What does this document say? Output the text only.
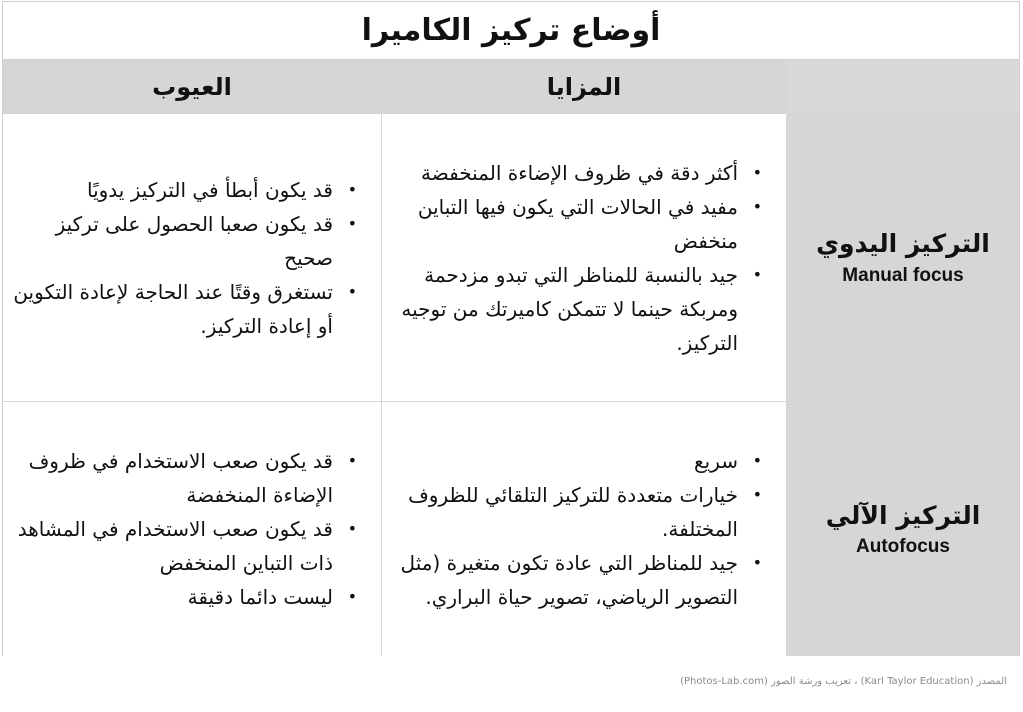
أوضاع تركيز الكاميرا
المزايا
العيوب
التركيز اليدوي
Manual focus
• أكثر دقة في ظروف الإضاءة المنخفضة
• مفيد في الحالات التي يكون فيها التباين منخفض
• جيد بالنسبة للمناظر التي تبدو مزدحمة ومربكة حينما لا تتمكن كاميرتك من توجيه التركيز.
• قد يكون أبطأ في التركيز يدويًا
• قد يكون صعبا الحصول على تركيز صحيح
• تستغرق وقتًا عند الحاجة لإعادة التكوين أو إعادة التركيز.
التركيز الآلي
Autofocus
• سريع
• خيارات متعددة للتركيز التلقائي للظروف المختلفة.
• جيد للمناظر التي عادة تكون متغيرة (مثل التصوير الرياضي، تصوير حياة البراري.
• قد يكون صعب الاستخدام في ظروف الإضاءة المنخفضة
• قد يكون صعب الاستخدام في المشاهد ذات التباين المنخفض
• ليست دائما دقيقة
المصدر (Karl Taylor Education) ، تعريب ورشة الصور (Photos-Lab.com)
